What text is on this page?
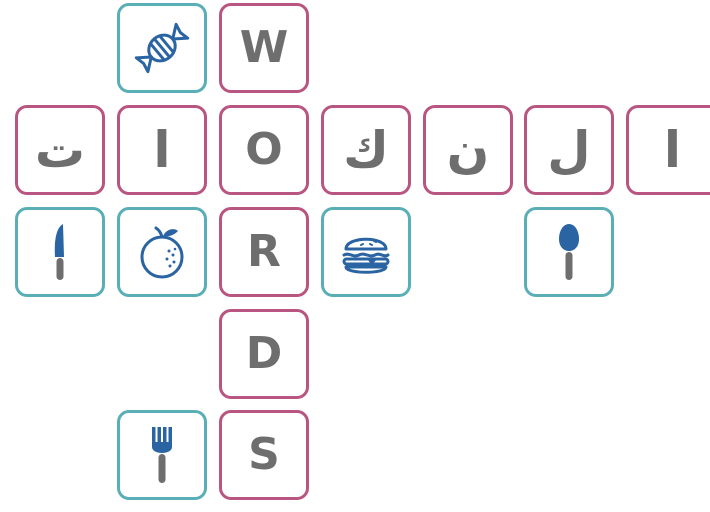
W
ت ا O ك ن ل ا
R
D
S
